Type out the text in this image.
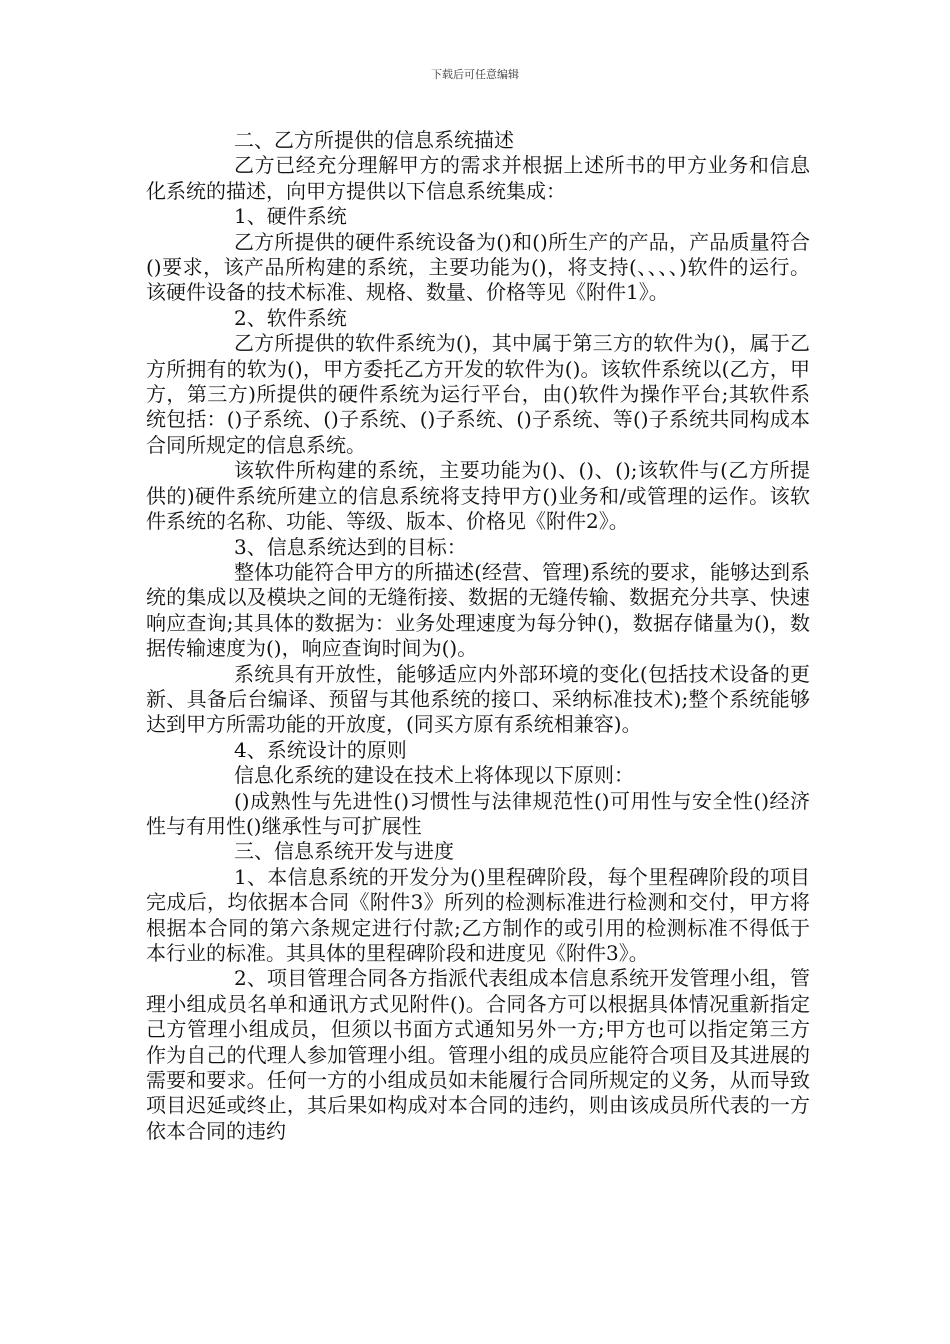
下载后可任意编辑

二、乙方所提供的信息系统描述

乙方已经充分理解甲方的需求并根据上述所书的甲方业务和信息化系统的描述，向甲方提供以下信息系统集成：

1、硬件系统

乙方所提供的硬件系统设备为()和()所生产的产品，产品质量符合()要求，该产品所构建的系统，主要功能为()，将支持(、、、、)软件的运行。该硬件设备的技术标准、规格、数量、价格等见《附件1》。

2、软件系统

乙方所提供的软件系统为()，其中属于第三方的软件为()，属于乙方所拥有的软为()，甲方委托乙方开发的软件为()。该软件系统以(乙方，甲方，第三方)所提供的硬件系统为运行平台，由()软件为操作平台;其软件系统包括：()子系统、()子系统、()子系统、()子系统、等()子系统共同构成本合同所规定的信息系统。

该软件所构建的系统，主要功能为()、()、();该软件与(乙方所提供的)硬件系统所建立的信息系统将支持甲方()业务和/或管理的运作。该软件系统的名称、功能、等级、版本、价格见《附件2》。

3、信息系统达到的目标：

整体功能符合甲方的所描述(经营、管理)系统的要求，能够达到系统的集成以及模块之间的无缝衔接、数据的无缝传输、数据充分共享、快速响应查询;其具体的数据为：业务处理速度为每分钟()，数据存储量为()，数据传输速度为()，响应查询时间为()。

系统具有开放性，能够适应内外部环境的变化(包括技术设备的更新、具备后台编译、预留与其他系统的接口、采纳标准技术);整个系统能够达到甲方所需功能的开放度，(同买方原有系统相兼容)。

4、系统设计的原则

信息化系统的建设在技术上将体现以下原则：

()成熟性与先进性()习惯性与法律规范性()可用性与安全性()经济性与有用性()继承性与可扩展性

三、信息系统开发与进度

1、本信息系统的开发分为()里程碑阶段，每个里程碑阶段的项目完成后，均依据本合同《附件3》所列的检测标准进行检测和交付，甲方将根据本合同的第六条规定进行付款;乙方制作的或引用的检测标准不得低于本行业的标准。其具体的里程碑阶段和进度见《附件3》。

2、项目管理合同各方指派代表组成本信息系统开发管理小组，管理小组成员名单和通讯方式见附件()。合同各方可以根据具体情况重新指定己方管理小组成员，但须以书面方式通知另外一方;甲方也可以指定第三方作为自己的代理人参加管理小组。管理小组的成员应能符合项目及其进展的需要和要求。任何一方的小组成员如未能履行合同所规定的义务，从而导致项目迟延或终止，其后果如构成对本合同的违约，则由该成员所代表的一方依本合同的违约
